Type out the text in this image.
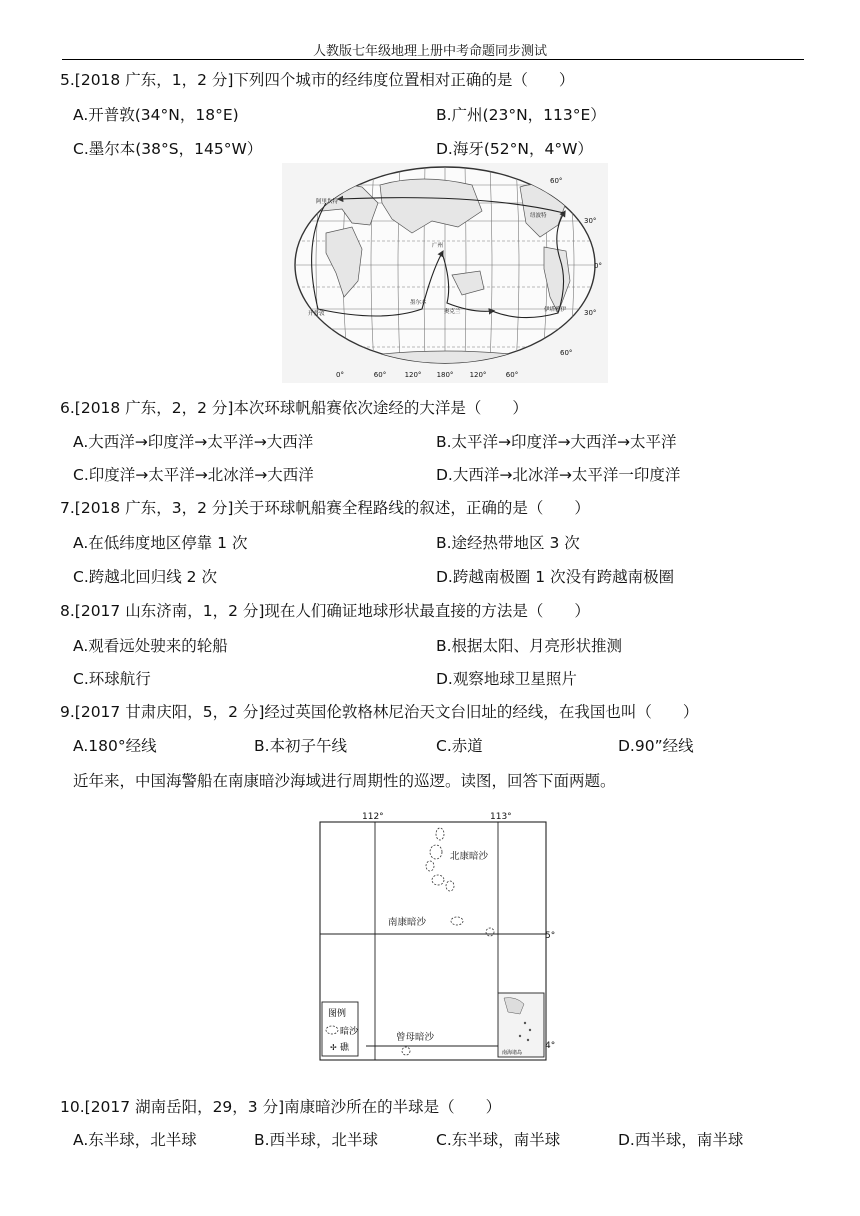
人教版七年级地理上册中考命题同步测试
5.[2018 广东，1，2 分]下列四个城市的经纬度位置相对正确的是（　　）
A.开普敦(34°N，18°E)	B.广州(23°N，113°E）
C.墨尔本(38°S，145°W）	D.海牙(52°N，4°W）
阿里坎特
开普敦
广州
墨尔本
奥克兰
纽波特
伊塔雅伊
60°
30°
0°
30°
60°
0°	60°	120° 180° 120°	60°
6.[2018 广东，2，2 分]本次环球帆船赛依次途经的大洋是（　　）
A.大西洋→印度洋→太平洋→大西洋	B.太平洋→印度洋→大西洋→太平洋
C.印度洋→太平洋→北冰洋→大西洋	D.大西洋→北冰洋→太平洋一印度洋
7.[2018 广东，3，2 分]关于环球帆船赛全程路线的叙述，正确的是（　　）
A.在低纬度地区停靠 1 次	B.途经热带地区 3 次
C.跨越北回归线 2 次	D.跨越南极圈 1 次没有跨越南极圈
8.[2017 山东济南，1，2 分]现在人们确证地球形状最直接的方法是（　　）
A.观看远处驶来的轮船	B.根据太阳、月亮形状推测
C.环球航行	D.观察地球卫星照片
9.[2017 甘肃庆阳，5，2 分]经过英国伦敦格林尼治天文台旧址的经线，在我国也叫（　　）
A.180°经线	B.本初子午线	C.赤道	D.90”经线
近年来，中国海警船在南康暗沙海域进行周期性的巡逻。读图，回答下面两题。
112°	113°
5°
4°
北康暗沙
南康暗沙
曾母暗沙
图例
暗沙
✢ 礁	南海诸岛
10.[2017 湖南岳阳，29，3 分]南康暗沙所在的半球是（　　）
A.东半球，北半球	B.西半球，北半球	C.东半球，南半球	D.西半球，南半球
